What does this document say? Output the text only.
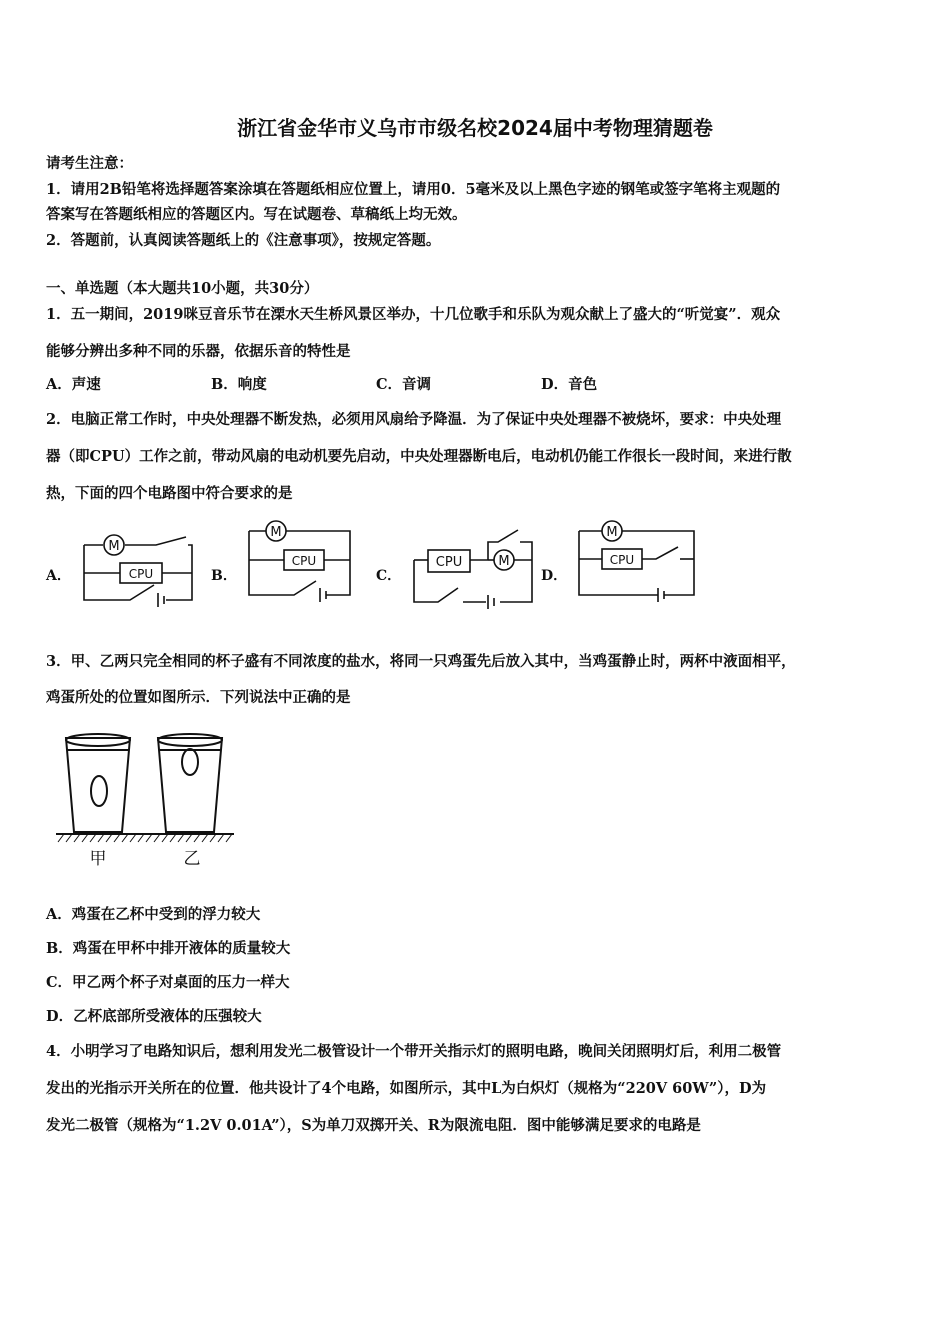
浙江省金华市义乌市市级名校2024届中考物理猜题卷
请考生注意：
1．请用2B铅笔将选择题答案涂填在答题纸相应位置上，请用0．5毫米及以上黑色字迹的钢笔或签字笔将主观题的
答案写在答题纸相应的答题区内。写在试题卷、草稿纸上均无效。
2．答题前，认真阅读答题纸上的《注意事项》，按规定答题。
一、单选题（本大题共10小题，共30分）
1．五一期间，2019咪豆音乐节在溧水天生桥风景区举办，十几位歌手和乐队为观众献上了盛大的“听觉宴”．观众
能够分辨出多种不同的乐器，依据乐音的特性是
A．声速	B．响度	C．音调	D．音色
2．电脑正常工作时，中央处理器不断发热，必须用风扇给予降温．为了保证中央处理器不被烧坏，要求：中央处理
器（即CPU）工作之前，带动风扇的电动机要先启动，中央处理器断电后，电动机仍能工作很长一段时间，来进行散
热，下面的四个电路图中符合要求的是
A．	B．	C．	D．
M
CPU
M
CPU	CPU	M
M
CPU
3．甲、乙两只完全相同的杯子盛有不同浓度的盐水，将同一只鸡蛋先后放入其中，当鸡蛋静止时，两杯中液面相平，
鸡蛋所处的位置如图所示．下列说法中正确的是
甲	乙
A．鸡蛋在乙杯中受到的浮力较大
B．鸡蛋在甲杯中排开液体的质量较大
C．甲乙两个杯子对桌面的压力一样大
D．乙杯底部所受液体的压强较大
4．小明学习了电路知识后，想利用发光二极管设计一个带开关指示灯的照明电路，晚间关闭照明灯后，利用二极管
发出的光指示开关所在的位置．他共设计了4个电路，如图所示，其中L为白炽灯（规格为“220V 60W”），D为
发光二极管（规格为“1.2V 0.01A”），S为单刀双掷开关、R为限流电阻．图中能够满足要求的电路是
